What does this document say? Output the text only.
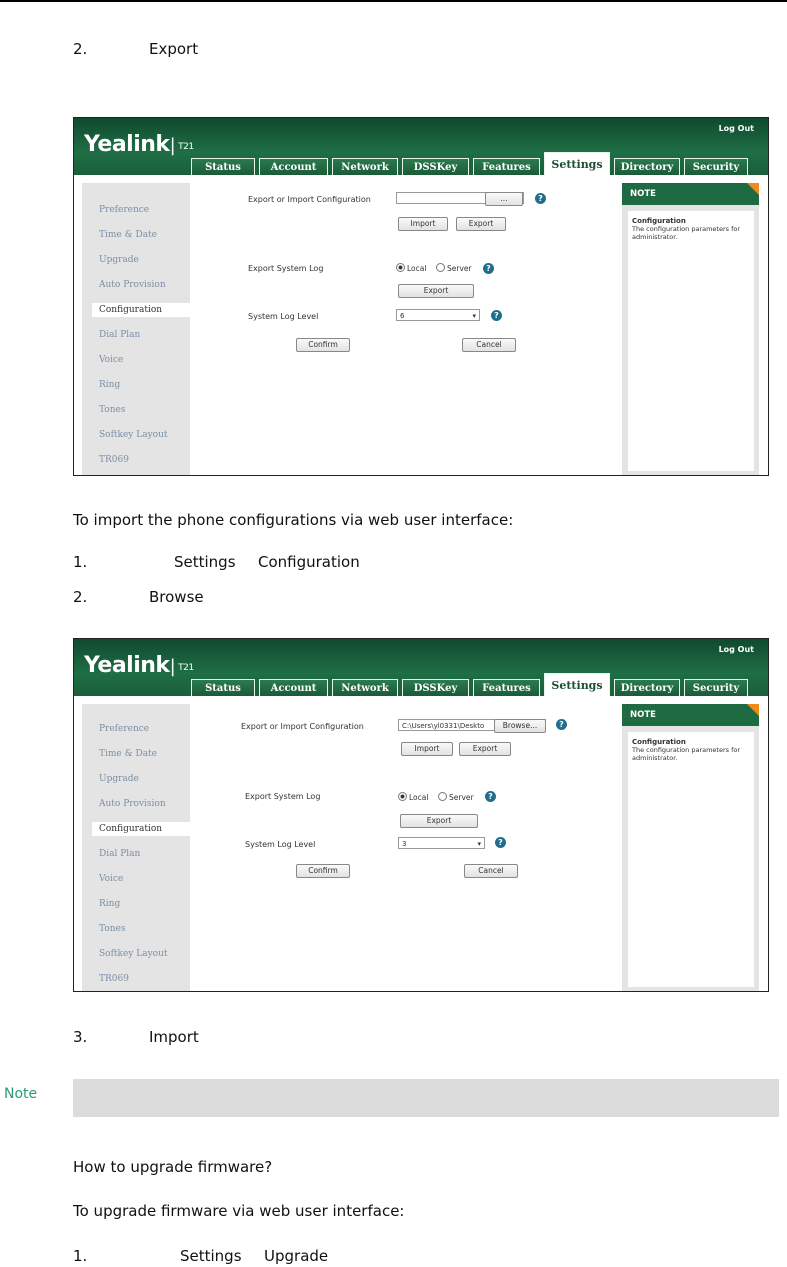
2.	Export
Yealink| T21
Log Out
Status	Account	Network	DSSKey	Features	Settings	Directory	Security
Preference
Time & Date
Upgrade
Auto Provision
Configuration
Dial Plan
Voice
Ring
Tones
Softkey Layout
TR069
Export or Import Configuration	...	?
Import	Export
Export System Log	Local	Server	?
Export
System Log Level	6	▾	?
Confirm	Cancel
NOTE
Configuration
The configuration parameters for administrator.
To import the phone configurations via web user interface:
1.	Settings Configuration
2.	Browse
Yealink| T21
Log Out
Status	Account	Network	DSSKey	Features	Settings	Directory	Security
Preference
Time & Date
Upgrade
Auto Provision
Configuration
Dial Plan
Voice
Ring
Tones
Softkey Layout
TR069
Export or Import Configuration	C:\Users\yl0331\Deskto	Browse...	?
Import	Export
Export System Log	Local	Server	?
Export
System Log Level	3	▾	?
Confirm	Cancel
NOTE
Configuration
The configuration parameters for administrator.
3.	Import
Note
How to upgrade firmware?
To upgrade firmware via web user interface:
1.	Settings Upgrade
